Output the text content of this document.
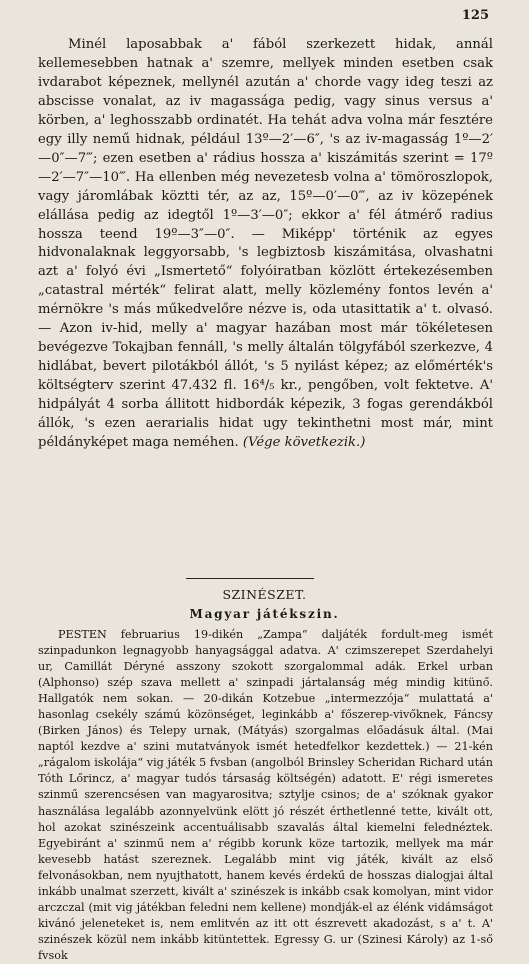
125

Minél laposabbak a' fából szerkezett hidak, annál kellemesebben hatnak a' szemre, mellyek minden esetben csak ivdarabot képeznek, mellynél azután a' chorde vagy ideg teszi az abscisse vonalat, az iv magassága pedig, vagy sinus versus a' körben, a' leghosszabb ordinatét. Ha tehát adva volna már fesztére egy illy nemű hidnak, például 13º—2′—6″, 's az iv-magasság 1º—2′—0″—7‴; ezen esetben a' rádius hossza a' kiszámitás szerint = 17º—2′—7″—10‴. Ha ellenben még nevezetesb volna a' tömöroszlopok, vagy járomlábak köztti tér, az az, 15º—0′—0‴, az iv közepének elállása pedig az idegtől 1º—3′—0″; ekkor a' fél átmérő radius hossza teend 19º—3″—0″. — Miképp' történik az egyes hidvonalaknak leggyorsabb, 's legbiztosb kiszámitása, olvashatni azt a' folyó évi „Ismertető“ folyóiratban közlött értekezésemben „catastral mérték“ felirat alatt, melly közlemény fontos levén a' mérnökre 's más műkedvelőre nézve is, oda utasittatik a' t. olvasó. — Azon iv-hid, melly a' magyar hazában most már tökéletesen bevégezve Tokajban fennáll, 's melly általán tölgyfából szerkezve, 4 hidlábat, bevert pilotákból állót, 's 5 nyilást képez; az előmérték's költségterv szerint 47.432 fl. 16⁴/₅ kr., pengőben, volt fektetve. A' hidpályát 4 sorba állitott hidbordák képezik, 3 fogas gerendákból állók, 's ezen aerarialis hidat ugy tekinthetni most már, mint példányképet maga neméhen. (Vége következik.)

SZINÉSZET.
Magyar játékszin.

PESTEN februarius 19-dikén „Zampa“ daljáték fordult-meg ismét szinpadunkon legnagyobb hanyagsággal adatva. A' czimszerepet Szerdahelyi ur, Camillát Déryné asszony szokott szorgalommal adák. Erkel urban (Alphonso) szép szava mellett a' szinpadi jártalanság még mindig kitünő. Hallgatók nem sokan. — 20-dikán Kotzebue „intermezzója“ mulattatá a' hasonlag csekély számú közönséget, leginkább a' főszerep-vivőknek, Fáncsy (Birken János) és Telepy urnak, (Mátyás) szorgalmas előadásuk által. (Mai naptól kezdve a' szini mutatványok ismét hetedfelkor kezdettek.) — 21-kén „rágalom iskolája“ vig játék 5 fvsban (angolból Brinsley Scheridan Richard után Tóth Lőrincz, a' magyar tudós társaság költségén) adatott. E' régi ismeretes szinmű szerencsésen van magyarositva; sztylje csinos; de a' szóknak gyakor használása legalább azonnyelvünk elött jó részét érthetlenné tette, kivált ott, hol azokat szinészeink accentuálisabb szavalás által kiemelni felednéztek. Egyebiránt a' szinmű nem a' régibb korunk köze tartozik, mellyek ma már kevesebb hatást szereznek. Legalább mint vig játék, kivált az első felvonásokban, nem nyujthatott, hanem kevés érdekű de hosszas dialogjai által inkább unalmat szerzett, kivált a' szinészek is inkább csak komolyan, mint vidor arczczal (mit vig játékban feledni nem kellene) mondják-el az élénk vidámságot kivánó jeleneteket is, nem emlitvén az itt ott észrevett akadozást, s a' t. A' szinészek közül nem inkább kitüntettek. Egressy G. ur (Szinesi Károly) az 1-ső fvsok
